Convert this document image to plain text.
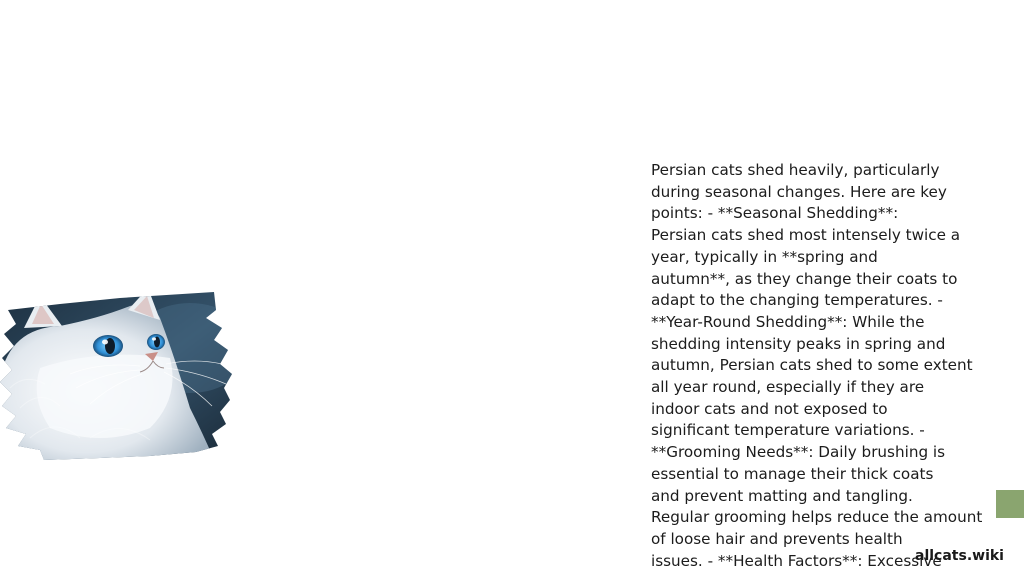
Persian cats shed heavily, particularly
during seasonal changes. Here are key
points: - **Seasonal Shedding**:
Persian cats shed most intensely twice a
year, typically in **spring and
autumn**, as they change their coats to
adapt to the changing temperatures. -
**Year-Round Shedding**: While the
shedding intensity peaks in spring and
autumn, Persian cats shed to some extent
all year round, especially if they are
indoor cats and not exposed to
significant temperature variations. -
**Grooming Needs**: Daily brushing is
essential to manage their thick coats
and prevent matting and tangling.
Regular grooming helps reduce the amount
of loose hair and prevents health
issues. - **Health Factors**: Excessive

allcats.wiki
